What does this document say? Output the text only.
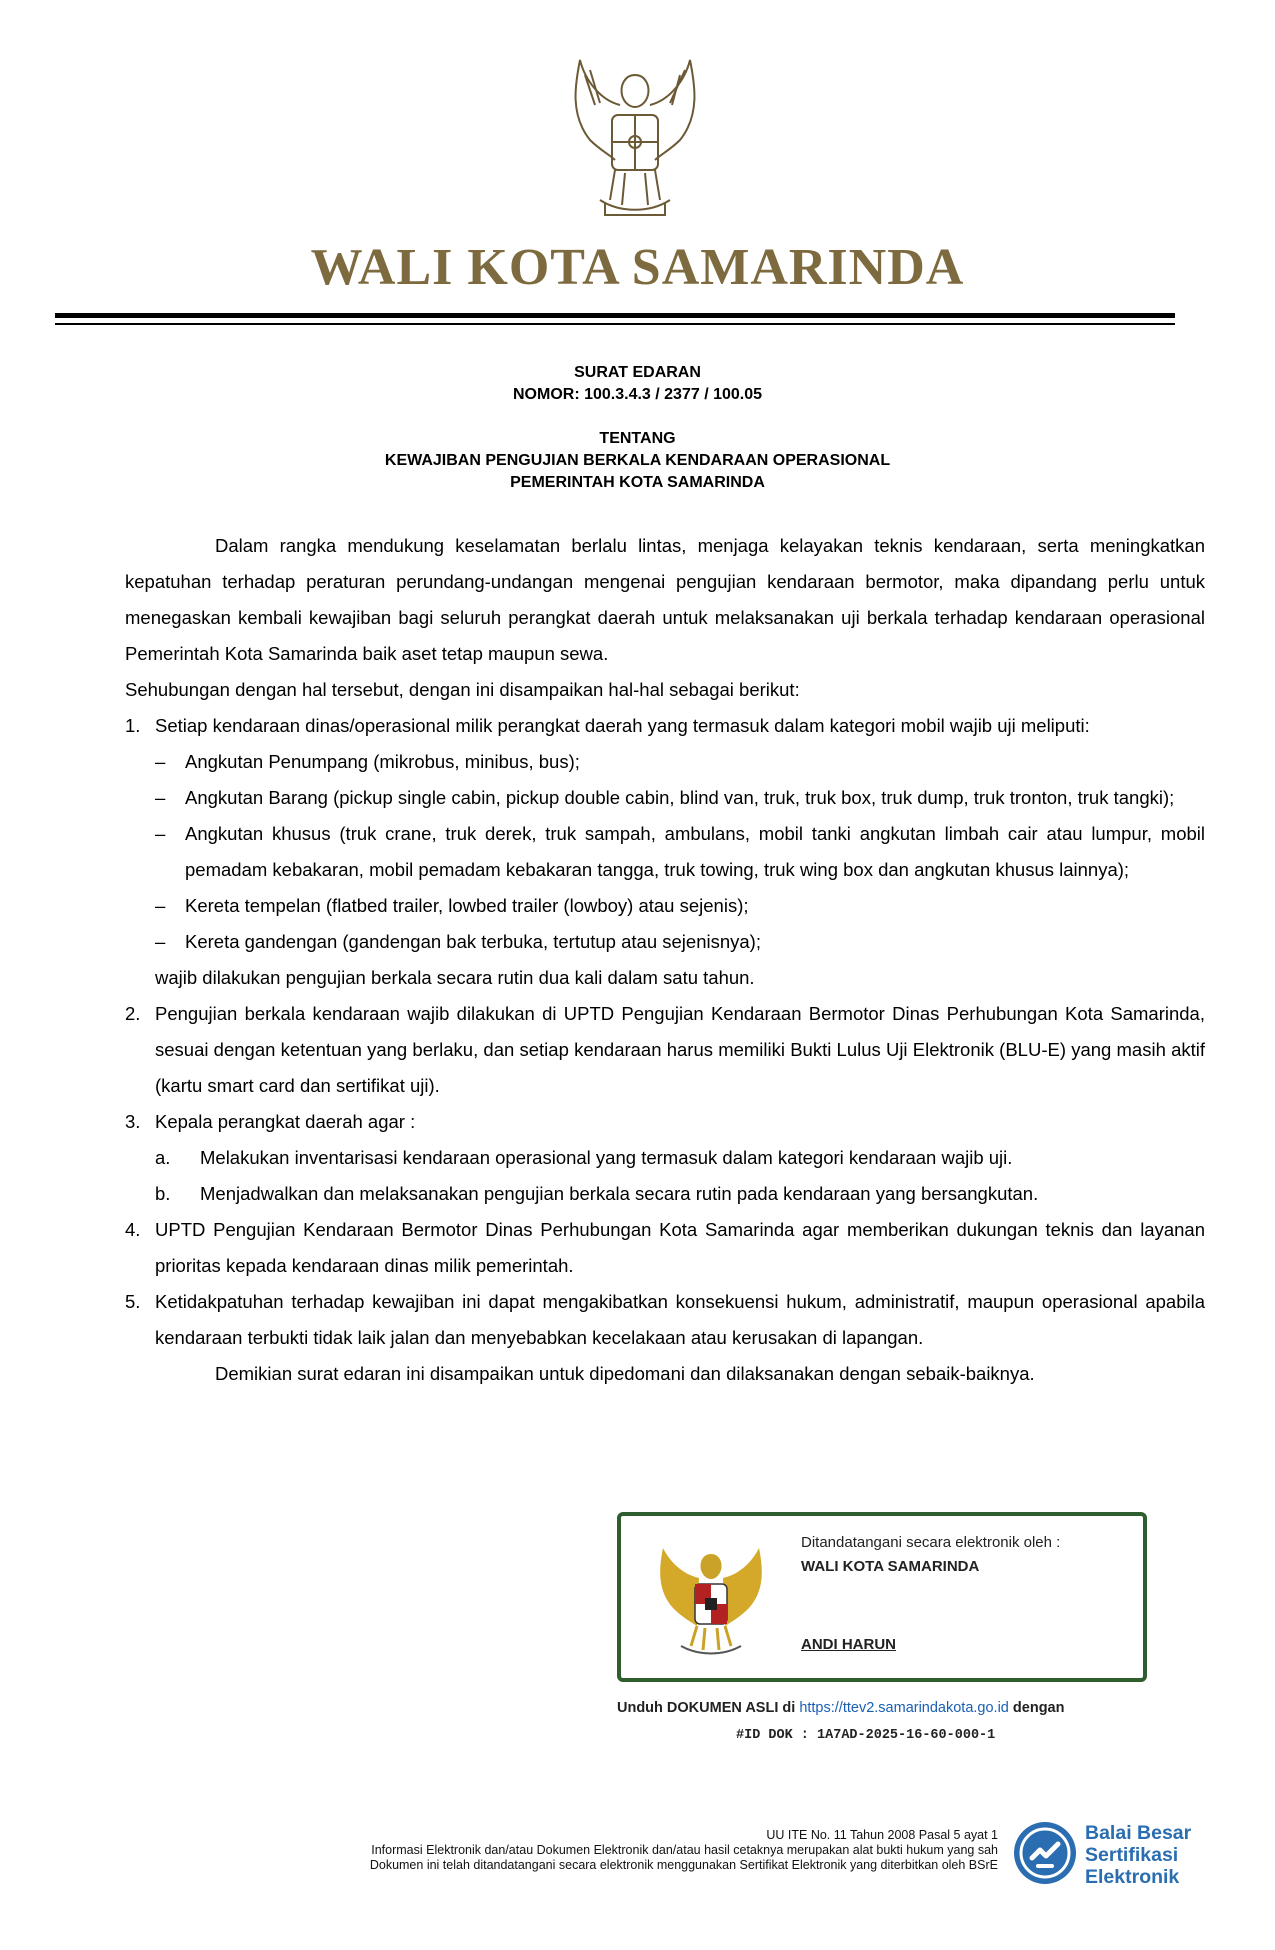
WALI KOTA SAMARINDA
SURAT EDARAN
NOMOR: 100.3.4.3 / 2377 / 100.05
TENTANG
KEWAJIBAN PENGUJIAN BERKALA KENDARAAN OPERASIONAL
PEMERINTAH KOTA SAMARINDA

Dalam rangka mendukung keselamatan berlalu lintas, menjaga kelayakan teknis kendaraan, serta meningkatkan kepatuhan terhadap peraturan perundang-undangan mengenai pengujian kendaraan bermotor, maka dipandang perlu untuk menegaskan kembali kewajiban bagi seluruh perangkat daerah untuk melaksanakan uji berkala terhadap kendaraan operasional Pemerintah Kota Samarinda baik aset tetap maupun sewa.

Sehubungan dengan hal tersebut, dengan ini disampaikan hal-hal sebagai berikut:

1. Setiap kendaraan dinas/operasional milik perangkat daerah yang termasuk dalam kategori mobil wajib uji meliputi:
–	Angkutan Penumpang (mikrobus, minibus, bus);
–	Angkutan Barang (pickup single cabin, pickup double cabin, blind van, truk, truk box, truk dump, truk tronton, truk tangki);
–	Angkutan khusus (truk crane, truk derek, truk sampah, ambulans, mobil tanki angkutan limbah cair atau lumpur, mobil pemadam kebakaran, mobil pemadam kebakaran tangga, truk towing, truk wing box dan angkutan khusus lainnya);
–	Kereta tempelan (flatbed trailer, lowbed trailer (lowboy) atau sejenis);
–	Kereta gandengan (gandengan bak terbuka, tertutup atau sejenisnya);
wajib dilakukan pengujian berkala secara rutin dua kali dalam satu tahun.
2. Pengujian berkala kendaraan wajib dilakukan di UPTD Pengujian Kendaraan Bermotor Dinas Perhubungan Kota Samarinda, sesuai dengan ketentuan yang berlaku, dan setiap kendaraan harus memiliki Bukti Lulus Uji Elektronik (BLU-E) yang masih aktif (kartu smart card dan sertifikat uji).
3. Kepala perangkat daerah agar :
a.	Melakukan inventarisasi kendaraan operasional yang termasuk dalam kategori kendaraan wajib uji.
b.	Menjadwalkan dan melaksanakan pengujian berkala secara rutin pada kendaraan yang bersangkutan.
4. UPTD Pengujian Kendaraan Bermotor Dinas Perhubungan Kota Samarinda agar memberikan dukungan teknis dan layanan prioritas kepada kendaraan dinas milik pemerintah.
5. Ketidakpatuhan terhadap kewajiban ini dapat mengakibatkan konsekuensi hukum, administratif, maupun operasional apabila kendaraan terbukti tidak laik jalan dan menyebabkan kecelakaan atau kerusakan di lapangan.

Demikian surat edaran ini disampaikan untuk dipedomani dan dilaksanakan dengan sebaik-baiknya.

Ditandatangani secara elektronik oleh :
WALI KOTA SAMARINDA
ANDI HARUN
Unduh DOKUMEN ASLI di https://ttev2.samarindakota.go.id dengan
#ID DOK : 1A7AD-2025-16-60-000-1
UU ITE No. 11 Tahun 2008 Pasal 5 ayat 1
Informasi Elektronik dan/atau Dokumen Elektronik dan/atau hasil cetaknya merupakan alat bukti hukum yang sah
Dokumen ini telah ditandatangani secara elektronik menggunakan Sertifikat Elektronik yang diterbitkan oleh BSrE
Balai Besar
Sertifikasi
Elektronik
